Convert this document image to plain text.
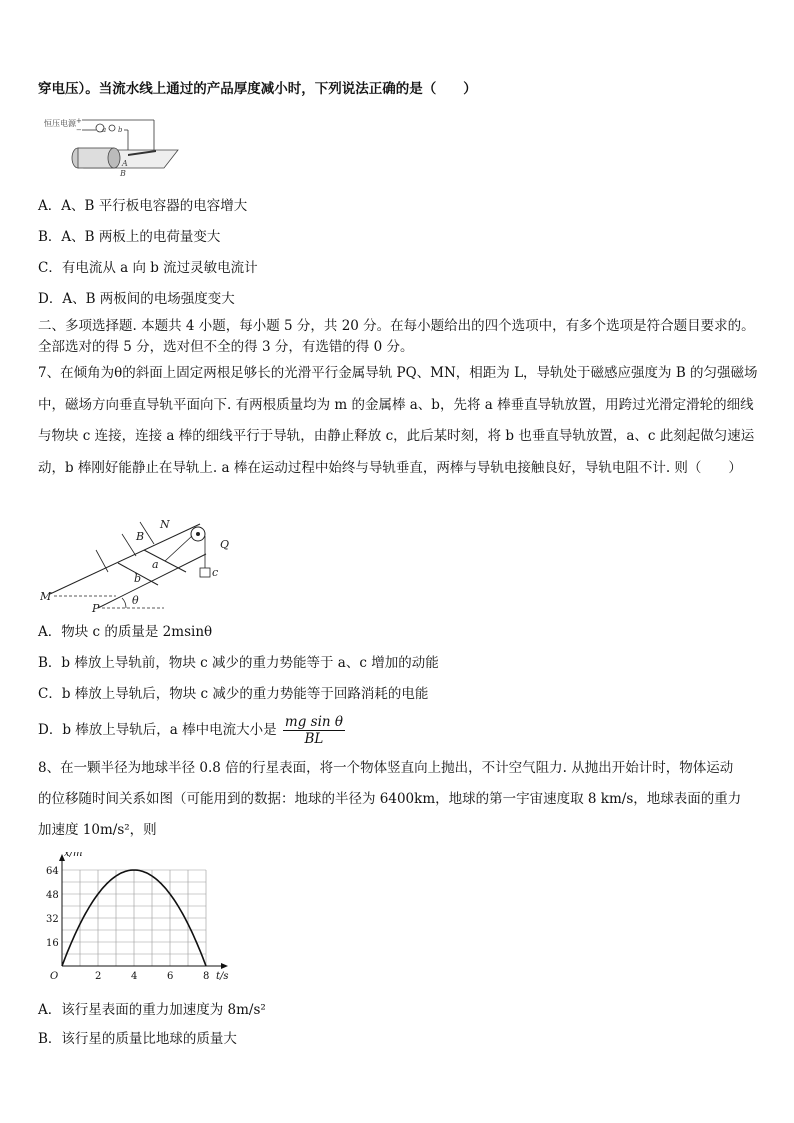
穿电压）。当流水线上通过的产品厚度减小时，下列说法正确的是（　　）
恒压电源 +
−	a b
A
B
A．A、B 平行板电容器的电容增大
B．A、B 两板上的电荷量变大
C．有电流从 a 向 b 流过灵敏电流计
D．A、B 两板间的电场强度变大
二、多项选择题. 本题共 4 小题，每小题 5 分，共 20 分。在每小题给出的四个选项中，有多个选项是符合题目要求的。
全部选对的得 5 分，选对但不全的得 3 分，有选错的得 0 分。
7、在倾角为θ的斜面上固定两根足够长的光滑平行金属导轨 PQ、MN，相距为 L，导轨处于磁感应强度为 B 的匀强磁场中，磁场方向垂直导轨平面向下. 有两根质量均为 m 的金属棒 a、b，先将 a 棒垂直导轨放置，用跨过光滑定滑轮的细线与物块 c 连接，连接 a 棒的细线平行于导轨，由静止释放 c，此后某时刻，将 b 也垂直导轨放置，a、c 此刻起做匀速运动，b 棒刚好能静止在导轨上. a 棒在运动过程中始终与导轨垂直，两棒与导轨电接触良好，导轨电阻不计. 则（　　）
B
N
Q
a
b	c
M
P
θ
A．物块 c 的质量是 2msinθ
B．b 棒放上导轨前，物块 c 减少的重力势能等于 a、c 增加的动能
C．b 棒放上导轨后，物块 c 减少的重力势能等于回路消耗的电能
D．b 棒放上导轨后，a 棒中电流大小是 $\frac{\text{mg sin θ}}{BL}$
8、在一颗半径为地球半径 0.8 倍的行星表面，将一个物体竖直向上抛出，不计空气阻力. 从抛出开始计时，物体运动
的位移随时间关系如图（可能用到的数据：地球的半径为 6400km，地球的第一宇宙速度取 8 km/s，地球表面的重力
加速度 10m/s²，则
2	4	6	8
16
32
48
64
O	t/s
x/m
A．该行星表面的重力加速度为 8m/s²
B．该行星的质量比地球的质量大
